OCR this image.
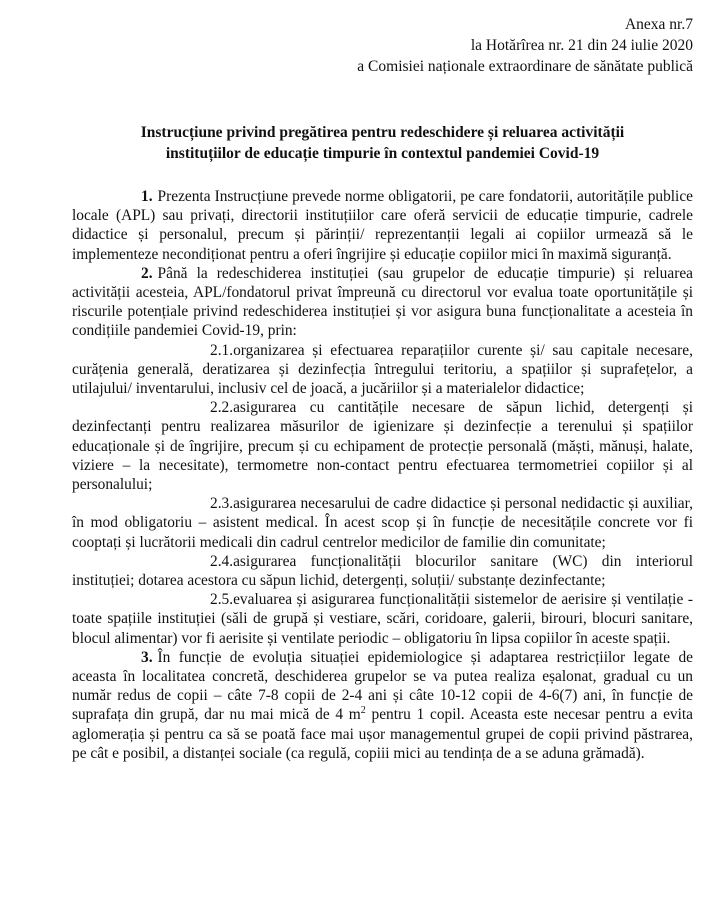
Anexa nr.7
la Hotărîrea nr. 21 din 24 iulie 2020
a Comisiei naționale extraordinare de sănătate publică
Instrucțiune privind pregătirea pentru redeschidere și reluarea activității
instituțiilor de educație timpurie în contextul pandemiei Covid-19

1. Prezenta Instrucțiune prevede norme obligatorii, pe care fondatorii, autoritățile publice locale (APL) sau privați, directorii instituțiilor care oferă servicii de educație timpurie, cadrele didactice și personalul, precum și părinții/ reprezentanții legali ai copiilor urmează să le implementeze necondiționat pentru a oferi îngrijire și educație copiilor mici în maximă siguranță.

2. Până la redeschiderea instituției (sau grupelor de educație timpurie) și reluarea activității acesteia, APL/fondatorul privat împreună cu directorul vor evalua toate oportunitățile și riscurile potențiale privind redeschiderea instituției și vor asigura buna funcționalitate a acesteia în condițiile pandemiei Covid-19, prin:

2.1.organizarea și efectuarea reparațiilor curente și/ sau capitale necesare, curățenia generală, deratizarea și dezinfecția întregului teritoriu, a spațiilor și suprafețelor, a utilajului/ inventarului, inclusiv cel de joacă, a jucăriilor și a materialelor didactice;

2.2.asigurarea cu cantitățile necesare de săpun lichid, detergenți și dezinfectanți pentru realizarea măsurilor de igienizare și dezinfecție a terenului și spațiilor educaționale și de îngrijire, precum și cu echipament de protecție personală (măști, mănuși, halate, viziere – la necesitate), termometre non-contact pentru efectuarea termometriei copiilor și al personalului;

2.3.asigurarea necesarului de cadre didactice și personal nedidactic și auxiliar, în mod obligatoriu – asistent medical. În acest scop și în funcție de necesitățile concrete vor fi cooptați și lucrătorii medicali din cadrul centrelor medicilor de familie din comunitate;

2.4.asigurarea funcționalității blocurilor sanitare (WC) din interiorul instituției; dotarea acestora cu săpun lichid, detergenți, soluții/ substanțe dezinfectante;

2.5.evaluarea și asigurarea funcționalității sistemelor de aerisire și ventilație - toate spațiile instituției (săli de grupă și vestiare, scări, coridoare, galerii, birouri, blocuri sanitare, blocul alimentar) vor fi aerisite și ventilate periodic – obligatoriu în lipsa copiilor în aceste spații.

3. În funcție de evoluția situației epidemiologice și adaptarea restricțiilor legate de aceasta în localitatea concretă, deschiderea grupelor se va putea realiza eșalonat, gradual cu un număr redus de copii – câte 7-8 copii de 2-4 ani și câte 10-12 copii de 4-6(7) ani, în funcție de suprafața din grupă, dar nu mai mică de 4 $m^2$ pentru 1 copil. Aceasta este necesar pentru a evita aglomerația și pentru ca să se poată face mai ușor managementul grupei de copii privind păstrarea, pe cât e posibil, a distanței sociale (ca regulă, copiii mici au tendința de a se aduna grămadă).
